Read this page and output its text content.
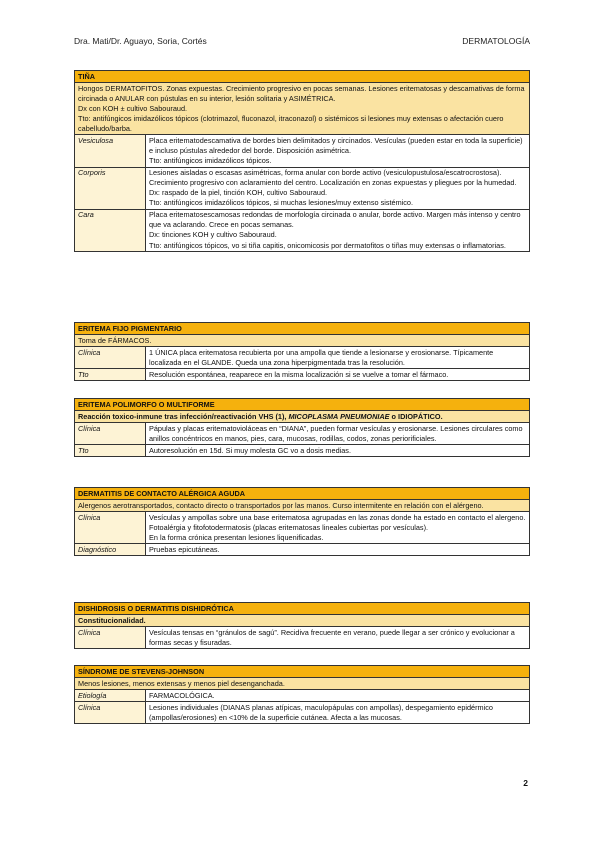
Dra. Mati/Dr. Aguayo, Soria, Cortés	DERMATOLOGÍA
TIÑA	

Hongos DERMATOFITOS. Zonas expuestas. Crecimiento progresivo en pocas semanas. Lesiones eritematosas y descamativas de forma circinada o ANULAR con pústulas en su interior, lesión solitaria y ASIMÉTRICA.

Dx con KOH ± cultivo Sabouraud.

Tto: antifúngicos imidazólicos tópicos (clotrimazol, fluconazol, itraconazol) o sistémicos si lesiones muy extensas o afectación cuero cabelludo/barba.	

Vesiculosa	Placa eritematodescamativa de bordes bien delimitados y circinados. Vesículas (pueden estar en toda la superficie) e incluso pústulas alrededor del borde. Disposición asimétrica.

Tto: antifúngicos imidazólicos tópicos.

Corporis	Lesiones aisladas o escasas asimétricas, forma anular con borde activo (vesiculopustulosa/escatrocrostosa). Crecimiento progresivo con aclaramiento del centro. Localización en zonas expuestas y pliegues por la humedad.

Dx: raspado de la piel, tinción KOH, cultivo Sabouraud.

Tto: antifúngicos imidazólicos tópicos, si muchas lesiones/muy extenso sistémico.

Cara	Placa eritematosescamosas redondas de morfología circinada o anular, borde activo. Margen más intenso y centro que va aclarando. Crece en pocas semanas.

Dx: tinciones KOH y cultivo Sabouraud.

Tto: antifúngicos tópicos, vo si tiña capitis, onicomicosis por dermatofitos o tiñas muy extensas o inflamatorias.

ERITEMA FIJO PIGMENTARIO	
Toma de FÁRMACOS.	
Clínica	1 ÚNICA placa eritematosa recubierta por una ampolla que tiende a lesionarse y erosionarse. Típicamente localizada en el GLANDE. Queda una zona hiperpigmentada tras la resolución.
Tto	Resolución espontánea, reaparece en la misma localización si se vuelve a tomar el fármaco.
ERITEMA POLIMORFO O MULTIFORME	
Reacción toxico-inmune tras infección/reactivación VHS (1), MICOPLASMA PNEUMONIAE o IDIOPÁTICO.	
Clínica	Pápulas y placas eritematovioláceas en “DIANA”, pueden formar vesículas y erosionarse. Lesiones circulares como anillos concéntricos en manos, pies, cara, mucosas, rodillas, codos, zonas periorificiales.
Tto	Autoresolución en 15d. Si muy molesta GC vo a dosis medias.
DERMATITIS DE CONTACTO ALÉRGICA AGUDA	
Alergenos aerotransportados, contacto directo o transportados por las manos. Curso intermitente en relación con el alérgeno.	
Clínica	Vesículas y ampollas sobre una base eritematosa agrupadas en las zonas donde ha estado en contacto el alergeno. Fotoalérgia y fitofotodermatosis (placas eritematosas lineales cubiertas por vesículas).

En la forma crónica presentan lesiones liquenificadas.

Diagnóstico	Pruebas epicutáneas.
DISHIDROSIS O DERMATITIS DISHIDRÓTICA
Constitucionalidad.
Clínica	Vesículas tensas en “gránulos de sagú”. Recidiva frecuente en verano, puede llegar a ser crónico y evolucionar a formas secas y fisuradas.
SÍNDROME DE STEVENS-JOHNSON	
Menos lesiones, menos extensas y menos piel desenganchada.	
Etiología	FARMACOLÓGICA.
Clínica	Lesiones individuales (DIANAS planas atípicas, maculopápulas con ampollas), despegamiento epidérmico (ampollas/erosiones) en <10% de la superficie cutánea. Afecta a las mucosas.
2
